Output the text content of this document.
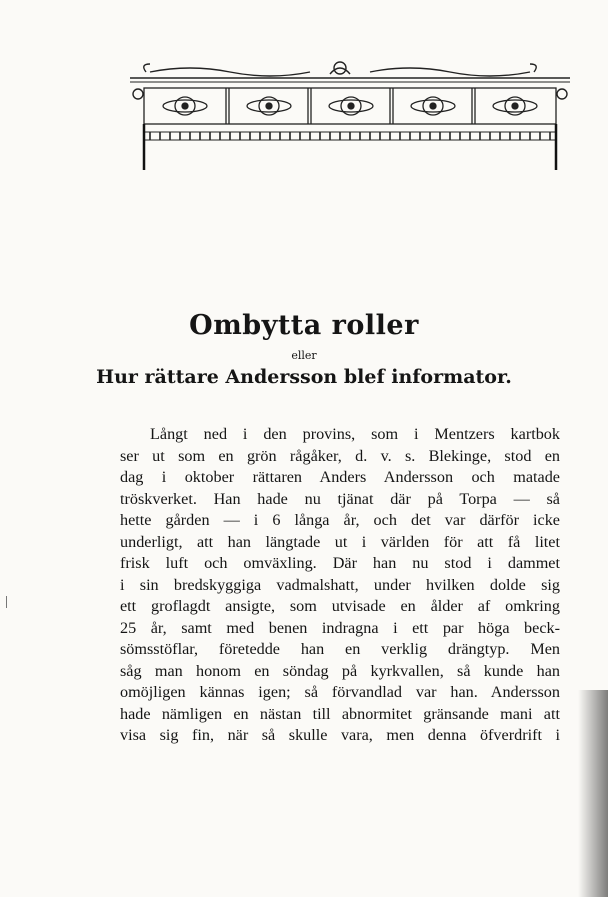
Ombytta roller

eller

Hur rättare Andersson blef informator.
Långt ned i den provins, som i Mentzers kartbok
ser ut som en grön rågåker, d. v. s. Blekinge, stod en
dag i oktober rättaren Anders Andersson och matade
tröskverket. Han hade nu tjänat där på Torpa — så
hette gården — i 6 långa år, och det var därför icke
underligt, att han längtade ut i världen för att få litet
frisk luft och omväxling. Där han nu stod i dammet
i sin bredskyggiga vadmalshatt, under hvilken dolde sig
ett groflagdt ansigte, som utvisade en ålder af omkring
25 år, samt med benen indragna i ett par höga beck-
sömsstöflar, företedde han en verklig drängtyp. Men
såg man honom en söndag på kyrkvallen, så kunde han
omöjligen kännas igen; så förvandlad var han. Andersson
hade nämligen en nästan till abnormitet gränsande mani att
visa sig fin, när så skulle vara, men denna öfverdrift i
